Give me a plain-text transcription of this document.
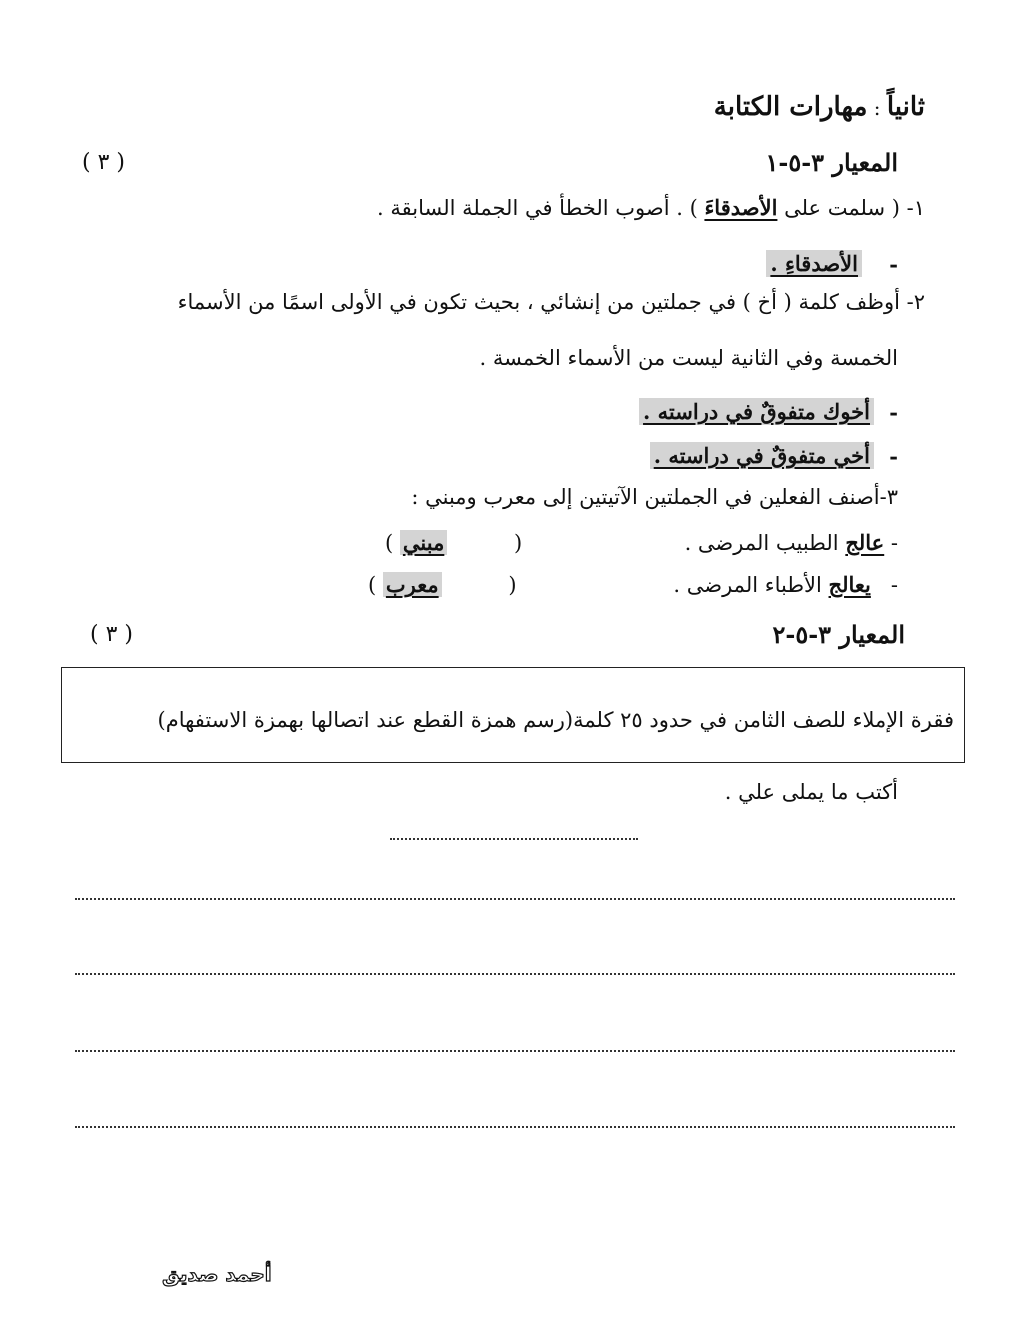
ثانياً : مهارات الكتابة
المعيار ٣-٥-١
( ٣ )
١- ( سلمت على الأصدقاءَ ) . أصوب الخطأ في الجملة السابقة .
-
الأصدقاءِ .
٢- أوظف كلمة ( أخ ) في جملتين من إنشائي ، بحيث تكون في الأولى اسمًا من الأسماء
الخمسة وفي الثانية ليست من الأسماء الخمسة .
-
أخوك متفوقٌ في دراسته .
-
أخي متفوقٌ في دراسته .
٣-أصنف الفعلين في الجملتين الآتيتين إلى معرب ومبني :
- عالج الطبيب المرضى .
( مبني	)
-   يعالج الأطباء المرضى .
( معرب	)
المعيار ٣-٥-٢
( ٣ )
فقرة الإملاء للصف الثامن في حدود ٢٥ كلمة(رسم همزة القطع عند اتصالها بهمزة الاستفهام)
أكتب ما يملى علي .
أحمد صديق
